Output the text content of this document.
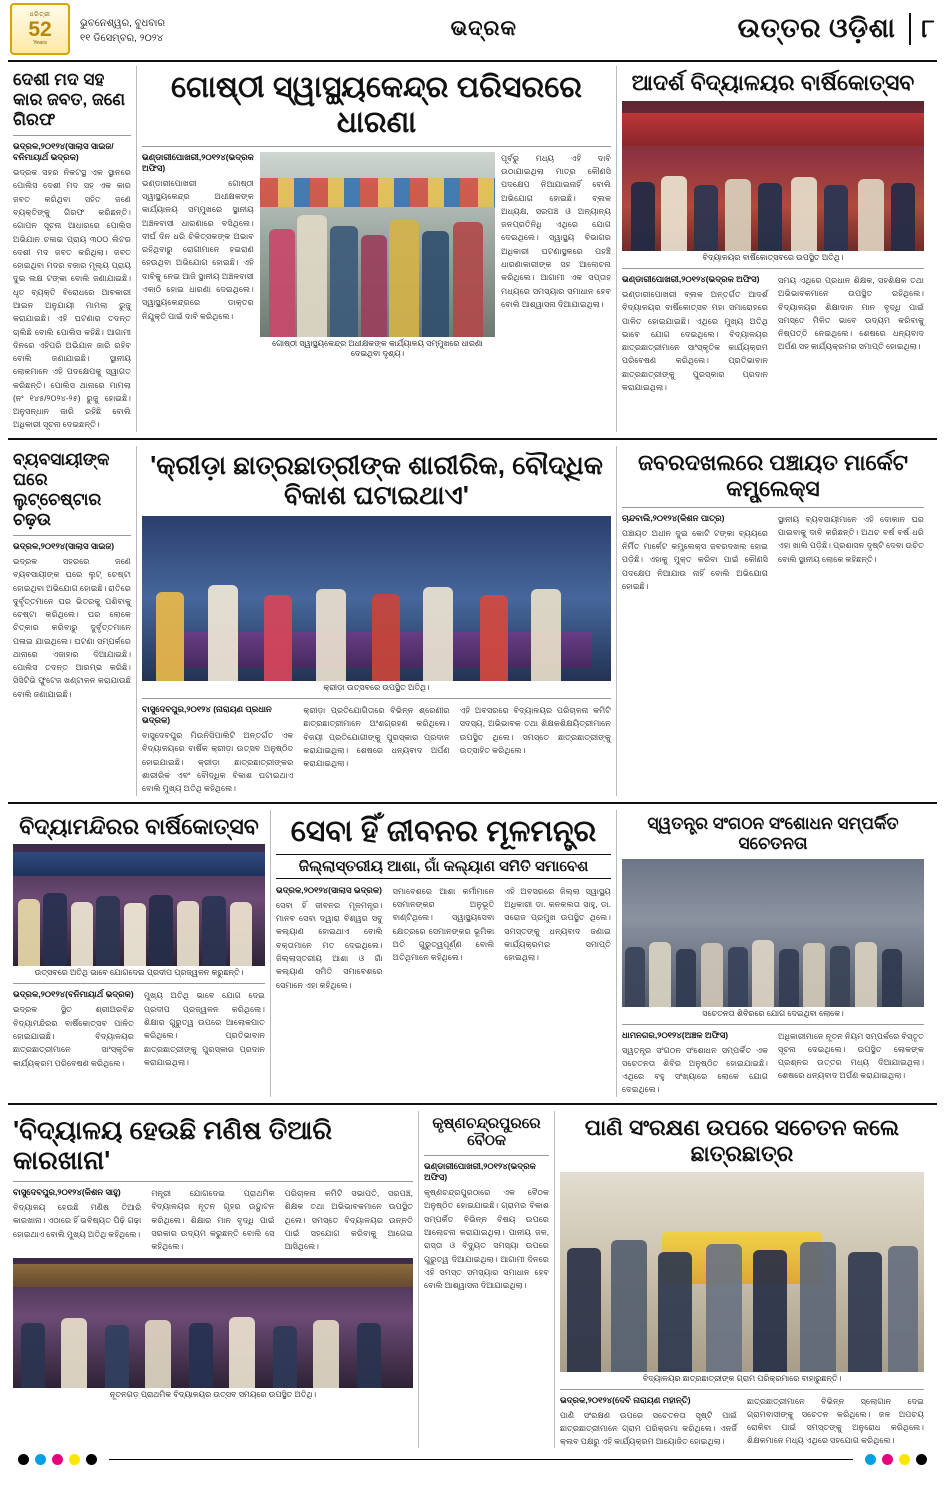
ଧରିତ୍ରୀ
52
Years
ଭୁବନେଶ୍ୱର, ବୁଧବାର
୧୧ ଡିସେମ୍ବର, ୨୦୨୪	ଭଦ୍ରକ	ଉତ୍ତର ଓଡ଼ିଶା	୮
ଦେଶୀ ମଦ ସହ କାର ଜବତ, ଜଣେ ଗିରଫ
ଭଦ୍ରକ,୨୦୧୨୪(ସାଲାସ ସାଇଜ/ବନିମାୟାର୍ଥ ଭଦ୍ରକ)
ଭଦ୍ରକ ସହର ନିକଟସ୍ଥ ଏକ ସ୍ଥାନରେ ପୋଲିସ ଦେଶୀ ମଦ ସହ ଏକ କାର ଜବତ କରିଥିବା ସହିତ ଜଣେ ବ୍ୟକ୍ତିଙ୍କୁ ଗିରଫ କରିଛନ୍ତି। ଗୋପନ ସୂଚନା ଆଧାରରେ ପୋଲିସ ଅଭିଯାନ ଚଳାଇ ପ୍ରାୟ ୩୦୦ ଲିଟର ଦେଶୀ ମଦ ଜବତ କରିଥିଲା। ଜବତ ହୋଇଥିବା ମଦର ବଜାର ମୂଲ୍ୟ ପ୍ରାୟ ଦୁଇ ଲକ୍ଷ ଟଙ୍କା ବୋଲି ଜଣାଯାଇଛି। ଧୃତ ବ୍ୟକ୍ତି ବିରୋଧରେ ଆବକାରୀ ଆଇନ ଅନୁଯାୟୀ ମାମଲା ରୁଜୁ କରାଯାଇଛି। ଏହି ଘଟଣାର ତଦନ୍ତ ଚାଲିଛି ବୋଲି ପୋଲିସ କହିଛି। ଆଗାମୀ ଦିନରେ ଏହିପରି ଅଭିଯାନ ଜାରି ରହିବ ବୋଲି ଜଣାଯାଇଛି। ସ୍ଥାନୀୟ ଲୋକମାନେ ଏହି ପଦକ୍ଷେପକୁ ସ୍ୱାଗତ କରିଛନ୍ତି। ପୋଲିସ ଥାନାରେ ମାମଲା (ନଂ ୧୪୫/୨୦୨୪-୨୫) ରୁଜୁ ହୋଇଛି। ଅନୁସନ୍ଧାନ ଜାରି ରହିଛି ବୋଲି ଅଧିକାରୀ ସୂଚନା ଦେଇଛନ୍ତି।
ଗୋଷ୍ଠୀ ସ୍ୱାସ୍ଥ୍ୟକେନ୍ଦ୍ର ପରିସରରେ ଧାରଣା
ଭଣ୍ଡାରୀପୋଖରୀ,୨୦୧୨୪(ଭଦ୍ରକ ଅଫିସ)
ଭଣ୍ଡାରୀପୋଖରୀ ଗୋଷ୍ଠୀ ସ୍ୱାସ୍ଥ୍ୟକେନ୍ଦ୍ର ଅଧୀକ୍ଷକଙ୍କ କାର୍ଯ୍ୟାଳୟ ସମ୍ମୁଖରେ ସ୍ଥାନୀୟ ଅଞ୍ଚଳବାସୀ ଧାରଣାରେ ବସିଥିଲେ। ଦୀର୍ଘ ଦିନ ଧରି ଚିକିତ୍ସକଙ୍କ ଅଭାବ ରହିଥିବାରୁ ରୋଗୀମାନେ ହଇରାଣ ହେଉଥିବା ଅଭିଯୋଗ ହୋଇଛି। ଏହି ଦାବିକୁ ନେଇ ଆଜି ସ୍ଥାନୀୟ ଅଞ୍ଚଳବାସୀ ଏକାଠି ହୋଇ ଧାରଣା ଦେଇଥିଲେ। ସ୍ୱାସ୍ଥ୍ୟକେନ୍ଦ୍ରରେ ଡାକ୍ତର ନିଯୁକ୍ତି ପାଇଁ ଦାବି କରିଥିଲେ।
ଗୋଷ୍ଠୀ ସ୍ୱାସ୍ଥ୍ୟକେନ୍ଦ୍ର ଅଧୀକ୍ଷକଙ୍କ କାର୍ଯ୍ୟାଳୟ ସମ୍ମୁଖରେ ଧାରଣା ଦେଇଥିବା ଦୃଶ୍ୟ।
ପୂର୍ବରୁ ମଧ୍ୟ ଏହି ଦାବି ଉଠାଯାଇଥିଲା ମାତ୍ର କୌଣସି ପଦକ୍ଷେପ ନିଆଯାଇନାହିଁ ବୋଲି ଅଭିଯୋଗ ହୋଇଛି। ବ୍ଲକ ଅଧ୍ୟକ୍ଷ, ସରପଞ୍ଚ ଓ ଅନ୍ୟାନ୍ୟ ଜନପ୍ରତିନିଧି ଏଥିରେ ଯୋଗ ଦେଇଥିଲେ। ସ୍ୱାସ୍ଥ୍ୟ ବିଭାଗର ଅଧିକାରୀ ଘଟଣାସ୍ଥଳରେ ପହଞ୍ଚି ଧାରଣାକାରୀଙ୍କ ସହ ଆଲୋଚନା କରିଥିଲେ। ଆଗାମୀ ଏକ ସପ୍ତାହ ମଧ୍ୟରେ ସମସ୍ୟାର ସମାଧାନ ହେବ ବୋଲି ଆଶ୍ୱାସନା ଦିଆଯାଇଥିଲା।
ଆଦର୍ଶ ବିଦ୍ୟାଳୟର ବାର୍ଷିକୋତ୍ସବ
ବିଦ୍ୟାଳୟର ବାର୍ଷିକୋତ୍ସବରେ ଉପସ୍ଥିତ ଅତିଥି।
ଭଣ୍ଡାରୀପୋଖରୀ,୨୦୧୨୪(ଭଦ୍ରକ ଅଫିସ)
ଭଣ୍ଡାରୀପୋଖରୀ ବ୍ଲକ ଅନ୍ତର୍ଗତ ଆଦର୍ଶ ବିଦ୍ୟାଳୟର ବାର୍ଷିକୋତ୍ସବ ମହା ସମାରୋହରେ ପାଳିତ ହୋଇଯାଇଛି। ଏଥିରେ ମୁଖ୍ୟ ଅତିଥି ଭାବେ ଯୋଗ ଦେଇଥିଲେ। ବିଦ୍ୟାଳୟର ଛାତ୍ରଛାତ୍ରୀମାନେ ସାଂସ୍କୃତିକ କାର୍ଯ୍ୟକ୍ରମ ପରିବେଷଣ କରିଥିଲେ। ପ୍ରତିଭାବାନ ଛାତ୍ରଛାତ୍ରୀଙ୍କୁ ପୁରସ୍କାର ପ୍ରଦାନ କରାଯାଇଥିଲା।
ସମୟ ଏଥିରେ ପ୍ରଧାନ ଶିକ୍ଷକ, ସହଶିକ୍ଷକ ତଥା ଅଭିଭାବକମାନେ ଉପସ୍ଥିତ ରହିଥିଲେ। ବିଦ୍ୟାଳୟର ଶିକ୍ଷାଦାନ ମାନ ବୃଦ୍ଧି ପାଇଁ ସମସ୍ତେ ମିଳିତ ଭାବେ ଉଦ୍ୟମ କରିବାକୁ ନିଷ୍ପତ୍ତି ନେଇଥିଲେ। ଶେଷରେ ଧନ୍ୟବାଦ ଅର୍ପଣ ସହ କାର୍ଯ୍ୟକ୍ରମର ସମାପ୍ତି ହୋଇଥିଲା।
ବ୍ୟବସାୟୀଙ୍କ ଘରେ ଲୁଟ୍‌ଚେଷ୍ଟାର ଚଢ଼ଉ
ଭଦ୍ରକ,୨୦୧୨୪(ସାଲାସ ସାଇଜ)
ଭଦ୍ରକ ସହରରେ ଜଣେ ବ୍ୟବସାୟୀଙ୍କ ଘରେ ଲୁଟ୍‌ ଚେଷ୍ଟା ହୋଇଥିବା ଅଭିଯୋଗ ହୋଇଛି। ରାତିରେ ଦୁର୍ବୃତ୍ତମାନେ ଘର ଭିତରକୁ ପଶିବାକୁ ଚେଷ୍ଟା କରିଥିଲେ। ଘର ଲୋକେ ଚିତ୍କାର କରିବାରୁ ଦୁର୍ବୃତ୍ତମାନେ ପଳାଇ ଯାଇଥିଲେ। ଘଟଣା ସମ୍ପର୍କରେ ଥାନାରେ ଏଜାହାର ଦିଆଯାଇଛି। ପୋଲିସ ତଦନ୍ତ ଆରମ୍ଭ କରିଛି। ସିସିଟିଭି ଫୁଟେଜ ଖଣ୍ଟାଳନ କରାଯାଉଛି ବୋଲି ଜଣାଯାଇଛି।
'କ୍ରୀଡ଼ା ଛାତ୍ରଛାତ୍ରୀଙ୍କ ଶାରୀରିକ, ବୌଦ୍ଧିକ ବିକାଶ ଘଟାଇଥାଏ'
କ୍ରୀଡ଼ା ଉତ୍ସବରେ ଉପସ୍ଥିତ ଅତିଥି।
ବାସୁଦେବପୁର,୨୦୧୨୪ (ନାରାୟଣ ପ୍ରଧାନ ଭଦ୍ରକ)
ବାସୁଦେବପୁର ମିଉନିସିପାଲିଟି ଅନ୍ତର୍ଗତ ଏକ ବିଦ୍ୟାଳୟରେ ବାର୍ଷିକ କ୍ରୀଡ଼ା ଉତ୍ସବ ଅନୁଷ୍ଠିତ ହୋଇଯାଇଛି। କ୍ରୀଡ଼ା ଛାତ୍ରଛାତ୍ରୀଙ୍କର ଶାରୀରିକ ଏବଂ ବୌଦ୍ଧିକ ବିକାଶ ଘଟାଇଥାଏ ବୋଲି ମୁଖ୍ୟ ଅତିଥି କହିଥିଲେ।
କ୍ରୀଡ଼ା ପ୍ରତିଯୋଗିତାରେ ବିଭିନ୍ନ ଶ୍ରେଣୀର ଛାତ୍ରଛାତ୍ରୀମାନେ ଅଂଶଗ୍ରହଣ କରିଥିଲେ। ବିଜୟୀ ପ୍ରତିଯୋଗୀଙ୍କୁ ପୁରସ୍କାର ପ୍ରଦାନ କରାଯାଇଥିଲା। ଶେଷରେ ଧନ୍ୟବାଦ ଅର୍ପଣ କରାଯାଇଥିଲା।
ଏହି ଅବସରରେ ବିଦ୍ୟାଳୟର ପରିଚାଳନା କମିଟି ସଦସ୍ୟ, ଅଭିଭାବକ ତଥା ଶିକ୍ଷକଶିକ୍ଷୟିତ୍ରୀମାନେ ଉପସ୍ଥିତ ଥିଲେ। ସମସ୍ତେ ଛାତ୍ରଛାତ୍ରୀଙ୍କୁ ଉତ୍ସାହିତ କରିଥିଲେ।
ଜବରଦଖଲରେ ପଞ୍ଚାୟତ ମାର୍କେଟ କମ୍ପ୍ଲେକ୍ସ
ଚାନ୍ଦବାଲି,୨୦୧୨୪(କିଶନ ପାତ୍ର)
ପଞ୍ଚାୟତ ଅଧୀନ ଦୁଇ କୋଟି ଟଙ୍କା ବ୍ୟୟରେ ନିର୍ମିତ ମାର୍କେଟ କମ୍ପ୍ଲେକ୍ସ ଜବରଦଖଲ ହୋଇ ପଡ଼ିଛି। ଏହାକୁ ମୁକ୍ତ କରିବା ପାଇଁ କୌଣସି ପଦକ୍ଷେପ ନିଆଯାଉ ନାହିଁ ବୋଲି ଅଭିଯୋଗ ହୋଇଛି।
ସ୍ଥାନୀୟ ବ୍ୟବସାୟୀମାନେ ଏହି ଦୋକାନ ଘର ପାଇବାକୁ ଦାବି କରିଛନ୍ତି। ଅଥଚ ବର୍ଷ ବର୍ଷ ଧରି ଏହା ଖାଲି ପଡ଼ିଛି। ପ୍ରଶାସନ ଦୃଷ୍ଟି ଦେବା ଉଚିତ ବୋଲି ସ୍ଥାନୀୟ ଲୋକେ କହିଛନ୍ତି।
ବିଦ୍ୟାମନ୍ଦିରର ବାର୍ଷିକୋତ୍ସବ
ଉତ୍ସବରେ ଅତିଥି ଭାବେ ଯୋଗଦେଇ ପ୍ରଦୀପ ପ୍ରଜ୍ୱଳନ କରୁଛନ୍ତି।
ଭଦ୍ରକ,୨୦୧୨୪(ବନିମାୟାର୍ଥ ଭଦ୍ରକ)
ଭଦ୍ରକ ସ୍ଥିତ ଶ୍ରୀଅରବିନ୍ଦ ବିଦ୍ୟାମନ୍ଦିରର ବାର୍ଷିକୋତ୍ସବ ପାଳିତ ହୋଇଯାଇଛି। ବିଦ୍ୟାଳୟର ଛାତ୍ରଛାତ୍ରୀମାନେ ସାଂସ୍କୃତିକ କାର୍ଯ୍ୟକ୍ରମ ପରିବେଷଣ କରିଥିଲେ।
ମୁଖ୍ୟ ଅତିଥି ଭାବେ ଯୋଗ ଦେଇ ପ୍ରଦୀପ ପ୍ରଜ୍ୱଳନ କରିଥିଲେ। ଶିକ୍ଷାର ଗୁରୁତ୍ୱ ଉପରେ ଆଲୋକପାତ କରିଥିଲେ। ପ୍ରତିଭାବାନ ଛାତ୍ରଛାତ୍ରୀଙ୍କୁ ପୁରସ୍କାର ପ୍ରଦାନ କରାଯାଇଥିଲା।
ସେବା ହିଁ ଜୀବନର ମୂଳମନ୍ତ୍ର
ଜିଲ୍ଲାସ୍ତରୀୟ ଆଶା, ଗାଁ କଲ୍ୟାଣ ସମିତି ସମାବେଶ
ଭଦ୍ରକ,୨୦୧୨୪(ସାଲାସ ଭଦ୍ରକ)
ସେବା ହିଁ ଜୀବନର ମୂଳମନ୍ତ୍ର। ମାନବ ସେବା ଦ୍ୱାରା ବିଶ୍ୱର ସବୁ କଲ୍ୟାଣ ହୋଇଥାଏ ବୋଲି ବକ୍ତାମାନେ ମତ ଦେଇଥିଲେ। ଜିଲ୍ଲାସ୍ତରୀୟ ଆଶା ଓ ଗାଁ କଲ୍ୟାଣ ସମିତି ସମାବେଶରେ ସେମାନେ ଏହା କହିଥିଲେ।
ସମାବେଶରେ ଆଶା କର୍ମୀମାନେ ସେମାନଙ୍କର ଅନୁଭୂତି ବାଣ୍ଟିଥିଲେ। ସ୍ୱାସ୍ଥ୍ୟସେବା କ୍ଷେତ୍ରରେ ସେମାନଙ୍କର ଭୂମିକା ଅତି ଗୁରୁତ୍ୱପୂର୍ଣ୍ଣ ବୋଲି ଅତିଥିମାନେ କହିଥିଲେ।
ଏହି ଅବସରରେ ଜିଲ୍ଲା ସ୍ୱାସ୍ଥ୍ୟ ଅଧିକାରୀ ଡା. କନକଲତା ସାହୁ, ଡା. ସରୋଜ ପ୍ରମୁଖ ଉପସ୍ଥିତ ଥିଲେ। ସମସ୍ତଙ୍କୁ ଧନ୍ୟବାଦ ଜଣାଇ କାର୍ଯ୍ୟକ୍ରମର ସମାପ୍ତି ହୋଇଥିଲା।
ସ୍ୱତନ୍ତ୍ର ସଂଗଠନ ସଂଶୋଧନ ସମ୍ପର୍କିତ ସଚେତନତା
ସଚେତନତା ଶିବିରରେ ଯୋଗ ଦେଇଥିବା ଲୋକେ।
ଧାମନଗର,୨୦୧୨୪(ଅଞ୍ଚଳ ଅଫିସ)
ସ୍ୱତନ୍ତ୍ର ସଂଗଠନ ସଂଶୋଧନ ସମ୍ପର୍କିତ ଏକ ସଚେତନତା ଶିବିର ଅନୁଷ୍ଠିତ ହୋଇଯାଇଛି। ଏଥିରେ ବହୁ ସଂଖ୍ୟାରେ ଲୋକେ ଯୋଗ ଦେଇଥିଲେ।
ଅଧିକାରୀମାନେ ନୂତନ ନିୟମ ସମ୍ପର୍କରେ ବିସ୍ତୃତ ସୂଚନା ଦେଇଥିଲେ। ଉପସ୍ଥିତ ଲୋକଙ୍କ ପ୍ରଶ୍ନର ଉତ୍ତର ମଧ୍ୟ ଦିଆଯାଇଥିଲା। ଶେଷରେ ଧନ୍ୟବାଦ ଅର୍ପଣ କରାଯାଇଥିଲା।
'ବିଦ୍ୟାଳୟ ହେଉଛି ମଣିଷ ତିଆରି କାରଖାନା'
ବାସୁଦେବପୁର,୨୦୧୨୪(କିଶନ ସାହୁ)
ବିଦ୍ୟାଳୟ ହେଉଛି ମଣିଷ ତିଆରି କାରଖାନା। ଏଠାରେ ହିଁ ଭବିଷ୍ୟତ ପିଢ଼ି ଗଢ଼ା ହୋଇଥାଏ ବୋଲି ମୁଖ୍ୟ ଅତିଥି କହିଥିଲେ।
ମନ୍ତ୍ରୀ ଯୋଗଦେଇ ପ୍ରାଥମିକ ବିଦ୍ୟାଳୟର ନୂତନ ଗୃହର ଉଦ୍ଘାଟନ କରିଥିଲେ। ଶିକ୍ଷାର ମାନ ବୃଦ୍ଧି ପାଇଁ ସରକାର ଉଦ୍ୟମ କରୁଛନ୍ତି ବୋଲି ସେ କହିଥିଲେ।
ପରିଚାଳନା କମିଟି ସଭାପତି, ସରପଞ୍ଚ, ଶିକ୍ଷକ ତଥା ଅଭିଭାବକମାନେ ଉପସ୍ଥିତ ଥିଲେ। ସମସ୍ତେ ବିଦ୍ୟାଳୟର ଉନ୍ନତି ପାଇଁ ସହଯୋଗ କରିବାକୁ ଆଗେଇ ଆସିଥିଲେ।
ନୂତନଗଡ଼ ପ୍ରାଥମିକ ବିଦ୍ୟାଳୟର ଉତ୍ସବ ସମୟରେ ଉପସ୍ଥିତ ଅତିଥି।
କୃଷ୍ଣଚନ୍ଦ୍ରପୁରରେ ବୈଠକ
ଭଣ୍ଡାରୀପୋଖରୀ,୨୦୧୨୪(ଭଦ୍ରକ ଅଫିସ)
କୃଷ୍ଣଚନ୍ଦ୍ରପୁରଠାରେ ଏକ ବୈଠକ ଅନୁଷ୍ଠିତ ହୋଇଯାଇଛି। ଗ୍ରାମର ବିକାଶ ସମ୍ପର୍କିତ ବିଭିନ୍ନ ବିଷୟ ଉପରେ ଆଲୋଚନା କରାଯାଇଥିଲା। ପାନୀୟ ଜଳ, ରାସ୍ତା ଓ ବିଦ୍ୟୁତ ସମସ୍ୟା ଉପରେ ଗୁରୁତ୍ୱ ଦିଆଯାଇଥିଲା। ଆଗାମୀ ଦିନରେ ଏହି ସମସ୍ତ ସମସ୍ୟାର ସମାଧାନ ହେବ ବୋଲି ଆଶ୍ୱାସନା ଦିଆଯାଇଥିଲା।
ପାଣି ସଂରକ୍ଷଣ ଉପରେ ସଚେତନ କଲେ ଛାତ୍ରଛାତ୍ର
ବିଦ୍ୟାଳୟର ଛାତ୍ରଛାତ୍ରୀଙ୍କ ଗ୍ରାମ ପରିକ୍ରମାରେ ବାହାରୁଛନ୍ତି।
ଭଦ୍ରକ,୨୦୧୨୪(ଦେବି ନାରାୟଣ ମହାନ୍ତି)
ପାଣି ସଂରକ୍ଷଣ ଉପରେ ସଚେତନତା ସୃଷ୍ଟି ପାଇଁ ଛାତ୍ରଛାତ୍ରୀମାନେ ଗ୍ରାମ ପରିକ୍ରମା କରିଥିଲେ। ଏନର୍ଜି କ୍ଲବ ପକ୍ଷରୁ ଏହି କାର୍ଯ୍ୟକ୍ରମ ଆୟୋଜିତ ହୋଇଥିଲା।
ଛାତ୍ରଛାତ୍ରୀମାନେ ବିଭିନ୍ନ ସ୍ଲୋଗାନ ଦେଇ ଗ୍ରାମବାସୀଙ୍କୁ ସଚେତନ କରିଥିଲେ। ଜଳ ଅପଚୟ ରୋକିବା ପାଇଁ ସମସ୍ତଙ୍କୁ ଅନୁରୋଧ କରିଥିଲେ। ଶିକ୍ଷକମାନେ ମଧ୍ୟ ଏଥିରେ ସହଯୋଗ କରିଥିଲେ।
